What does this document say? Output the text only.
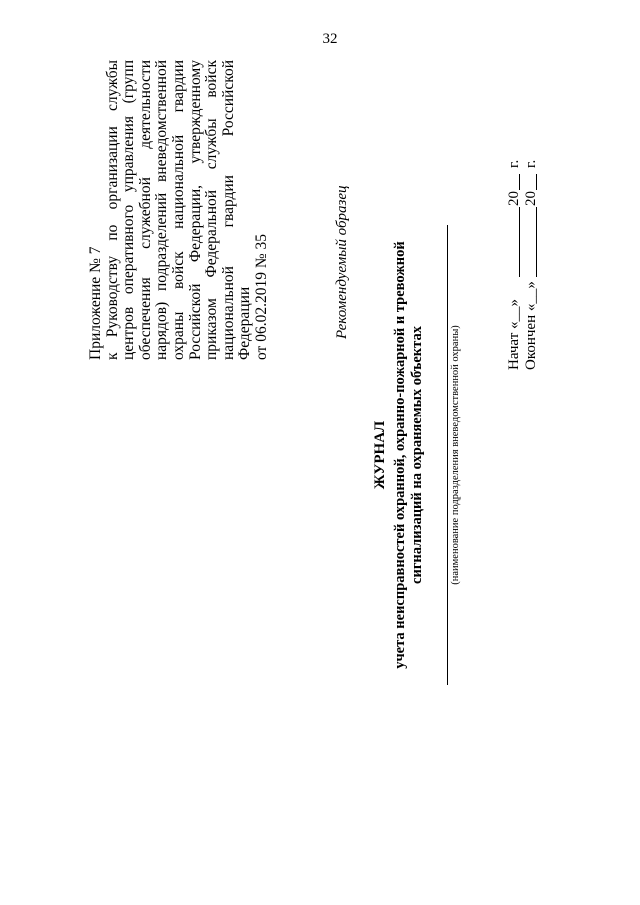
32
Приложение № 7 к Руководству по организации службы центров оперативного управления (групп обеспечения служебной деятельности нарядов) подразделений вневедомственной охраны войск национальной гвардии Российской Федерации, утвержденному приказом Федеральной службы войск национальной гвардии Российской Федерации от 06.02.2019 № 35	Рекомендуемый образец
ЖУРНАЛ учета неисправностей охранной, охранно-пожарной и тревожной сигнализаций на охраняемых объектах (наименование подразделения вневедомственной охраны)	Начат «__»
20
г.
Окончен «__»
20
г.
